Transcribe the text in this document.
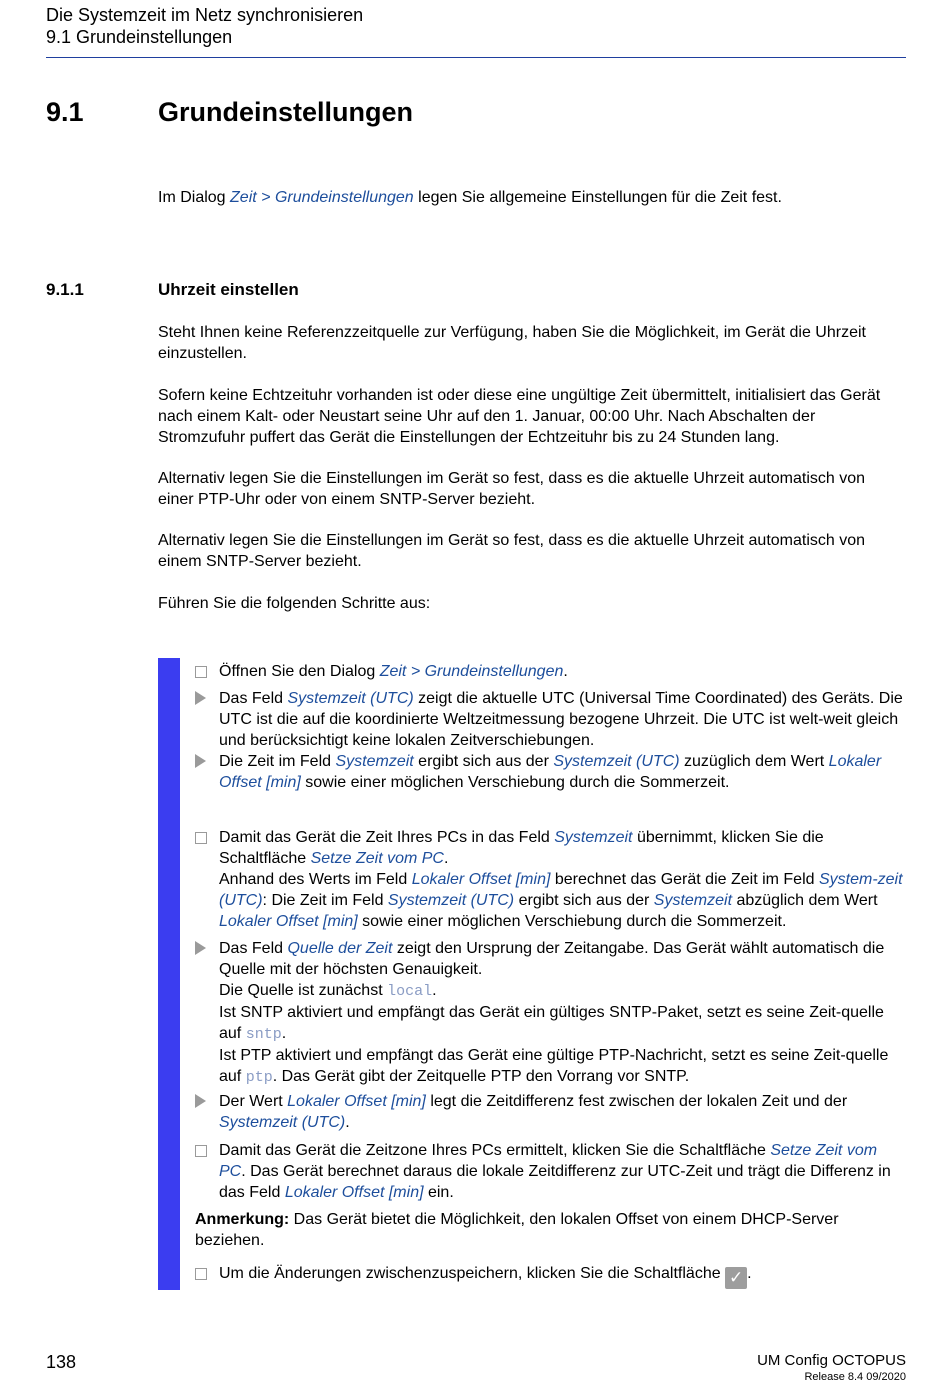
Die Systemzeit im Netz synchronisieren
9.1 Grundeinstellungen
9.1	Grundeinstellungen
Im Dialog Zeit > Grundeinstellungen legen Sie allgemeine Einstellungen für die Zeit fest.
9.1.1	Uhrzeit einstellen
Steht Ihnen keine Referenzzeitquelle zur Verfügung, haben Sie die Möglichkeit, im Gerät die Uhrzeit einzustellen.
Sofern keine Echtzeituhr vorhanden ist oder diese eine ungültige Zeit übermittelt, initialisiert das Gerät nach einem Kalt- oder Neustart seine Uhr auf den 1. Januar, 00:00 Uhr. Nach Abschalten der Stromzufuhr puffert das Gerät die Einstellungen der Echtzeituhr bis zu 24 Stunden lang.
Alternativ legen Sie die Einstellungen im Gerät so fest, dass es die aktuelle Uhrzeit automatisch von einer PTP-Uhr oder von einem SNTP-Server bezieht.
Alternativ legen Sie die Einstellungen im Gerät so fest, dass es die aktuelle Uhrzeit automatisch von einem SNTP-Server bezieht.
Führen Sie die folgenden Schritte aus:
Öffnen Sie den Dialog Zeit > Grundeinstellungen.
Das Feld Systemzeit (UTC) zeigt die aktuelle UTC (Universal Time Coordinated) des Geräts. Die UTC ist die auf die koordinierte Weltzeitmessung bezogene Uhrzeit. Die UTC ist welt-weit gleich und berücksichtigt keine lokalen Zeitverschiebungen.
Die Zeit im Feld Systemzeit ergibt sich aus der Systemzeit (UTC) zuzüglich dem Wert Lokaler Offset [min] sowie einer möglichen Verschiebung durch die Sommerzeit.
Damit das Gerät die Zeit Ihres PCs in das Feld Systemzeit übernimmt, klicken Sie die Schaltfläche Setze Zeit vom PC.
Anhand des Werts im Feld Lokaler Offset [min] berechnet das Gerät die Zeit im Feld System-zeit (UTC): Die Zeit im Feld Systemzeit (UTC) ergibt sich aus der Systemzeit abzüglich dem Wert Lokaler Offset [min] sowie einer möglichen Verschiebung durch die Sommerzeit.
Das Feld Quelle der Zeit zeigt den Ursprung der Zeitangabe. Das Gerät wählt automatisch die Quelle mit der höchsten Genauigkeit.
Die Quelle ist zunächst local.
Ist SNTP aktiviert und empfängt das Gerät ein gültiges SNTP-Paket, setzt es seine Zeit-quelle auf sntp.
Ist PTP aktiviert und empfängt das Gerät eine gültige PTP-Nachricht, setzt es seine Zeit-quelle auf ptp. Das Gerät gibt der Zeitquelle PTP den Vorrang vor SNTP.
Der Wert Lokaler Offset [min] legt die Zeitdifferenz fest zwischen der lokalen Zeit und der Systemzeit (UTC).
Damit das Gerät die Zeitzone Ihres PCs ermittelt, klicken Sie die Schaltfläche Setze Zeit vom PC. Das Gerät berechnet daraus die lokale Zeitdifferenz zur UTC-Zeit und trägt die Differenz in das Feld Lokaler Offset [min] ein.
Anmerkung: Das Gerät bietet die Möglichkeit, den lokalen Offset von einem DHCP-Server beziehen.
Um die Änderungen zwischenzuspeichern, klicken Sie die Schaltfläche ✓ .
138	UM Config OCTOPUS
Release 8.4 09/2020
